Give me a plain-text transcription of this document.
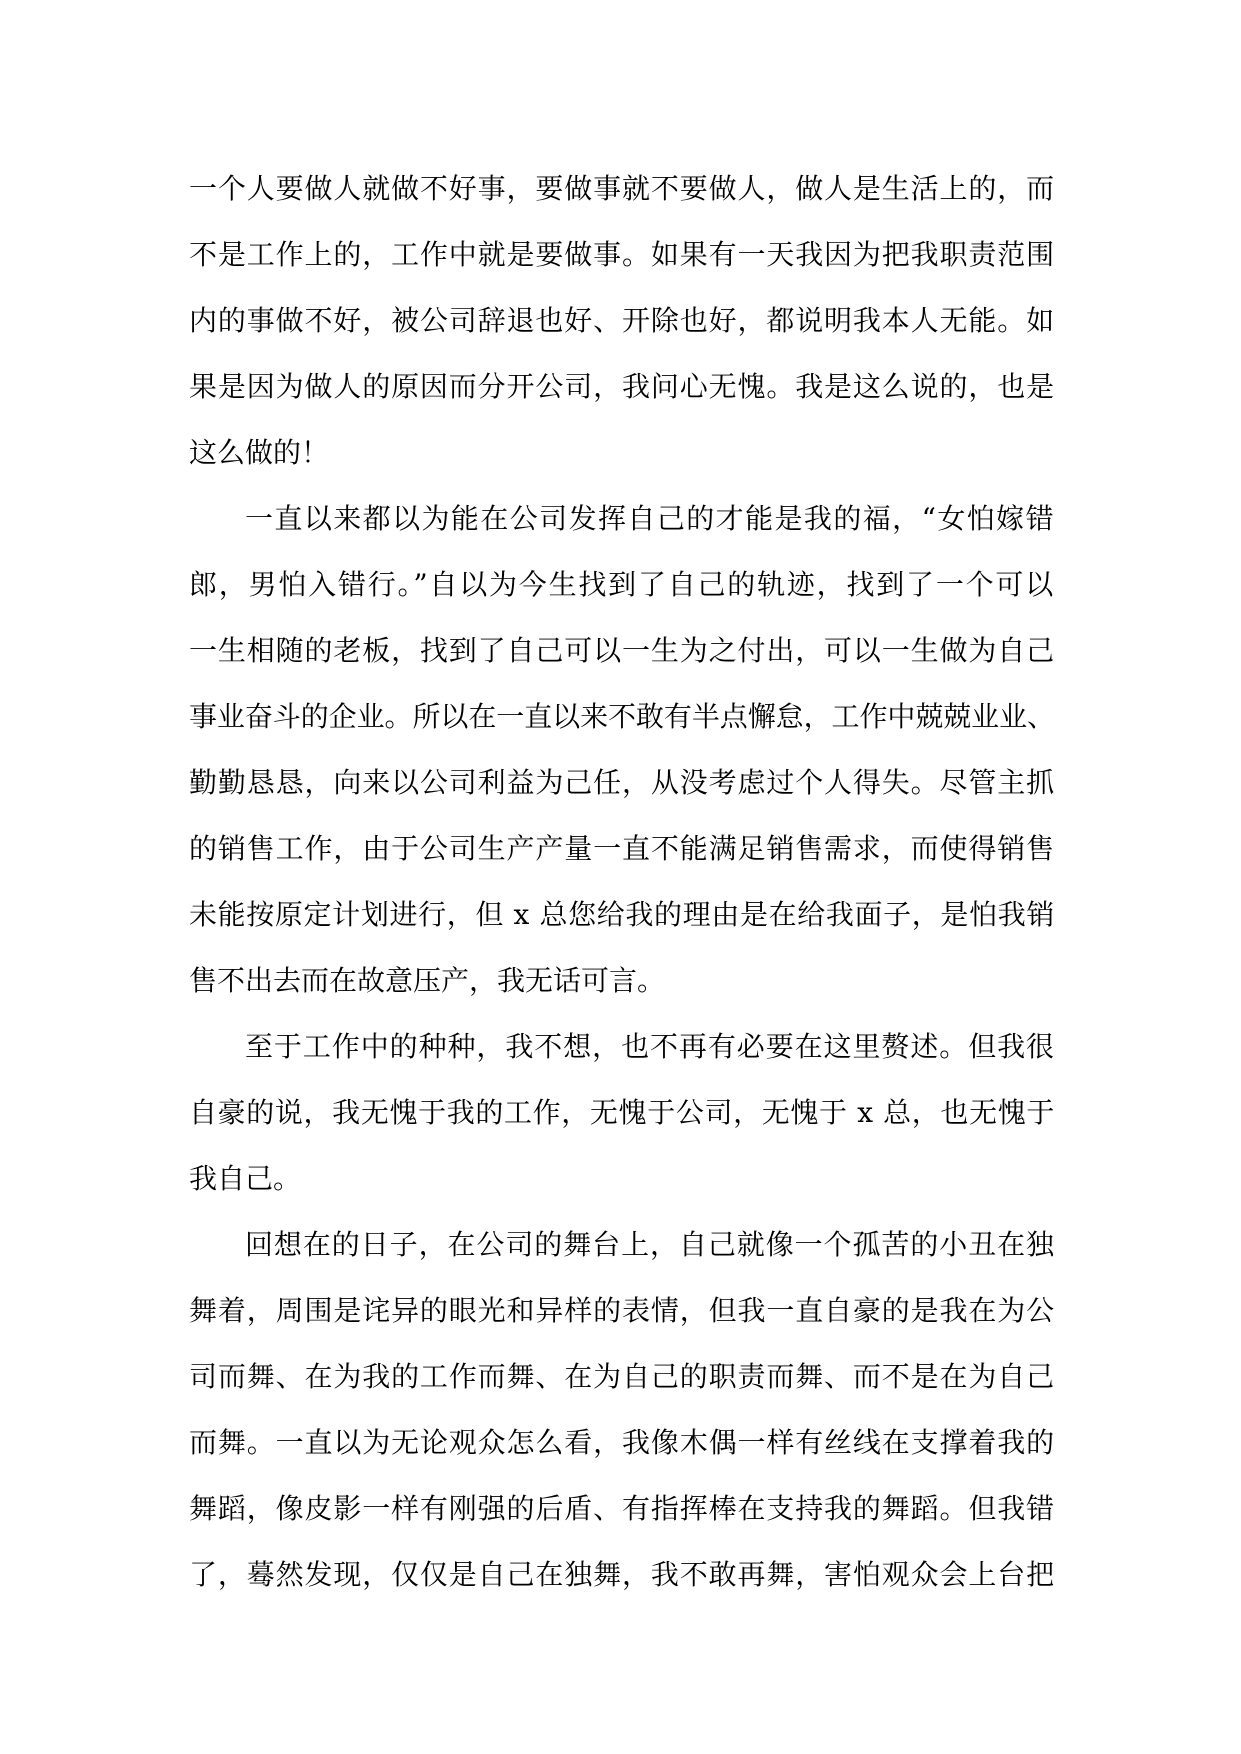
一个人要做人就做不好事，要做事就不要做人，做人是生活上的，而
不是工作上的，工作中就是要做事。如果有一天我因为把我职责范围
内的事做不好，被公司辞退也好、开除也好，都说明我本人无能。如
果是因为做人的原因而分开公司，我问心无愧。我是这么说的，也是
这么做的！
一直以来都以为能在公司发挥自己的才能是我的福，“女怕嫁错
郎，男怕入错行。”自以为今生找到了自己的轨迹，找到了一个可以
一生相随的老板，找到了自己可以一生为之付出，可以一生做为自己
事业奋斗的企业。所以在一直以来不敢有半点懈怠，工作中兢兢业业、
勤勤恳恳，向来以公司利益为己任，从没考虑过个人得失。尽管主抓
的销售工作，由于公司生产产量一直不能满足销售需求，而使得销售
未能按原定计划进行，但 x 总您给我的理由是在给我面子，是怕我销
售不出去而在故意压产，我无话可言。
至于工作中的种种，我不想，也不再有必要在这里赘述。但我很
自豪的说，我无愧于我的工作，无愧于公司，无愧于 x 总，也无愧于
我自己。
回想在的日子，在公司的舞台上，自己就像一个孤苦的小丑在独
舞着，周围是诧异的眼光和异样的表情，但我一直自豪的是我在为公
司而舞、在为我的工作而舞、在为自己的职责而舞、而不是在为自己
而舞。一直以为无论观众怎么看，我像木偶一样有丝线在支撑着我的
舞蹈，像皮影一样有刚强的后盾、有指挥棒在支持我的舞蹈。但我错
了，蓦然发现，仅仅是自己在独舞，我不敢再舞，害怕观众会上台把
